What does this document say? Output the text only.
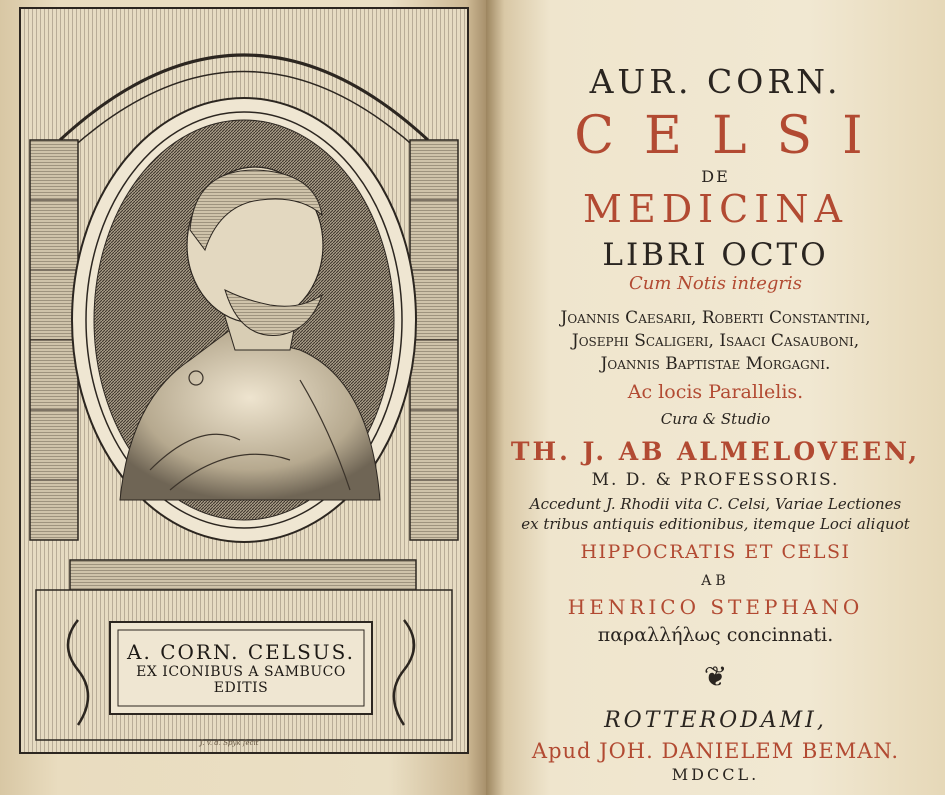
A. CORN. CELSUS.
EX ICONIBUS A SAMBUCO EDITIS
J. v. d. Spyk fecit
AUR. CORN.
CELSI
DE
MEDICINA
LIBRI OCTO
Cum Notis integris
Joannis Caesarii, Roberti Constantini,
Josephi Scaligeri, Isaaci Casauboni,
Joannis Baptistae Morgagni.
Ac locis Parallelis.
Cura & Studio
TH. J. AB ALMELOVEEN,
M. D. & PROFESSORIS.
Accedunt J. Rhodii vita C. Celsi, Variae Lectiones
ex tribus antiquis editionibus, itemque Loci aliquot
HIPPOCRATIS ET CELSI
AB
HENRICO STEPHANO
παραλλήλως concinnati.
❦
ROTTERODAMI,
Apud JOH. DANIELEM BEMAN.
MDCCL.
